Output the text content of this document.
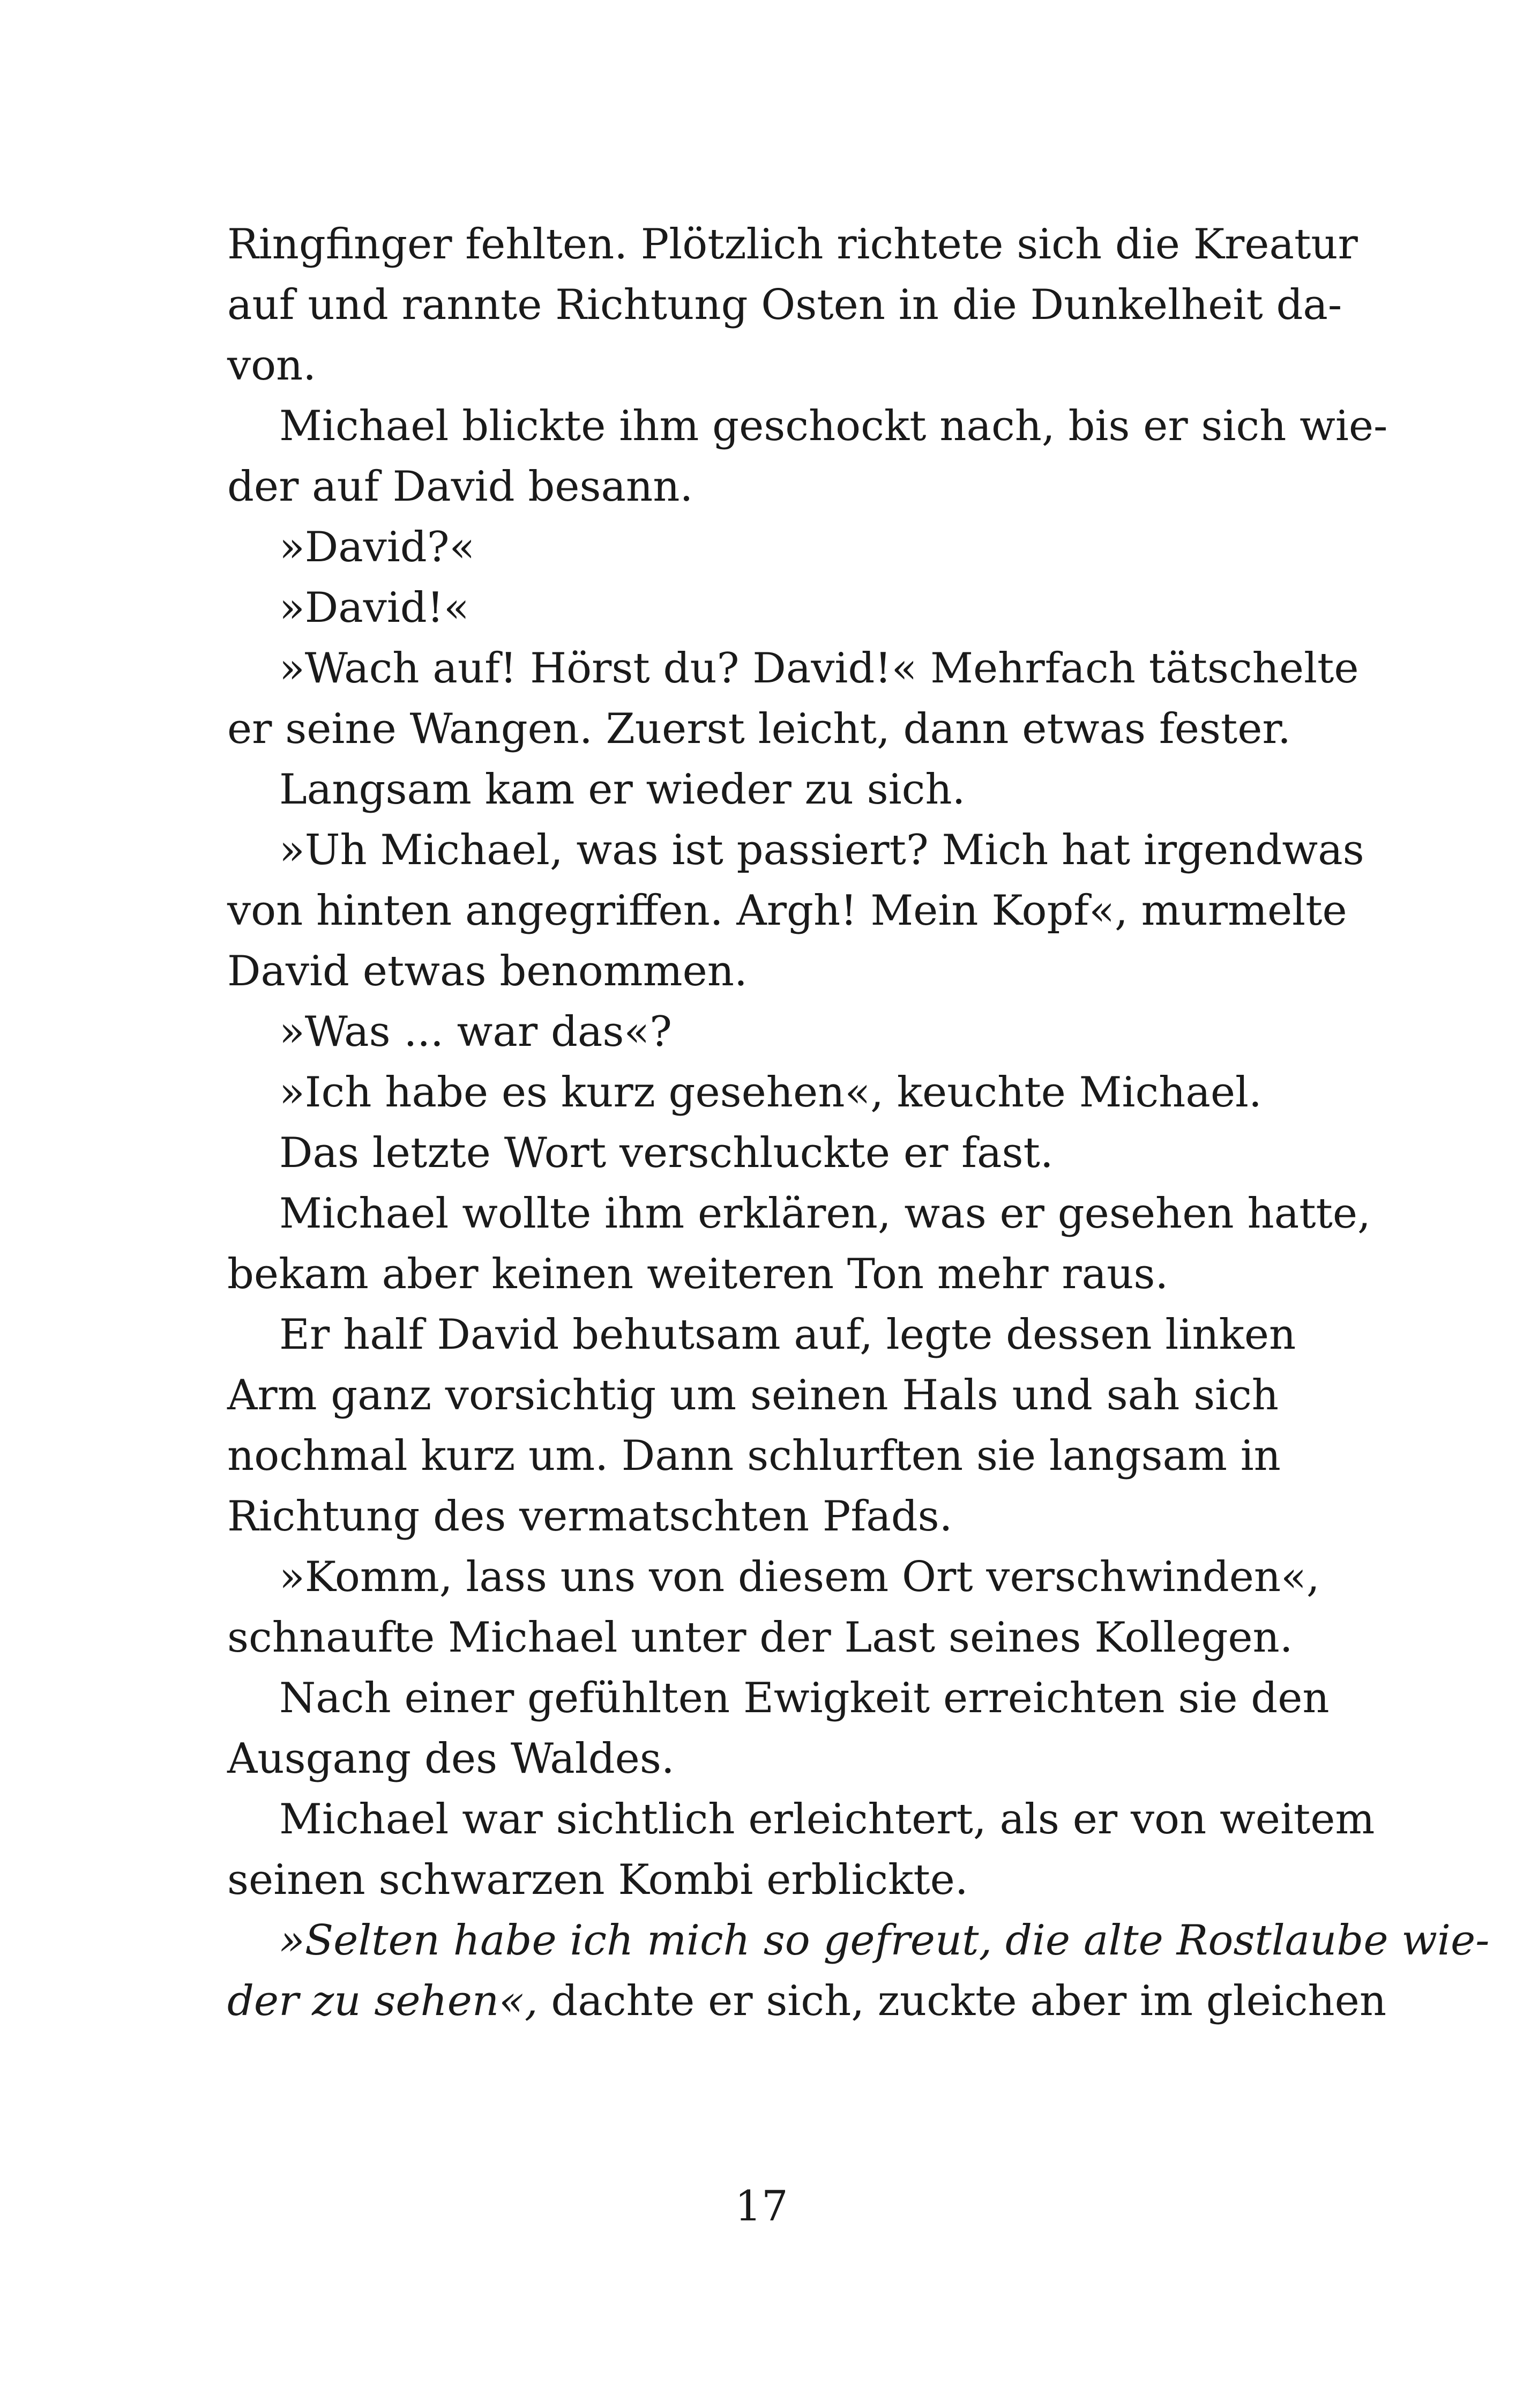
Ringfinger fehlten. Plötzlich richtete sich die Kreatur
auf und rannte Richtung Osten in die Dunkelheit da-
von.
Michael blickte ihm geschockt nach, bis er sich wie-
der auf David besann.
»David?«
»David!«
»Wach auf! Hörst du? David!« Mehrfach tätschelte
er seine Wangen. Zuerst leicht, dann etwas fester.
Langsam kam er wieder zu sich.
»Uh Michael, was ist passiert? Mich hat irgendwas
von hinten angegriffen. Argh! Mein Kopf«, murmelte
David etwas benommen.
»Was ... war das«?
»Ich habe es kurz gesehen«, keuchte Michael.
Das letzte Wort verschluckte er fast.
Michael wollte ihm erklären, was er gesehen hatte,
bekam aber keinen weiteren Ton mehr raus.
Er half David behutsam auf, legte dessen linken
Arm ganz vorsichtig um seinen Hals und sah sich
nochmal kurz um. Dann schlurften sie langsam in
Richtung des vermatschten Pfads.
»Komm, lass uns von diesem Ort verschwinden«,
schnaufte Michael unter der Last seines Kollegen.
Nach einer gefühlten Ewigkeit erreichten sie den
Ausgang des Waldes.
Michael war sichtlich erleichtert, als er von weitem
seinen schwarzen Kombi erblickte.
»Selten habe ich mich so gefreut, die alte Rostlaube wie-
der zu sehen«, dachte er sich, zuckte aber im gleichen
17
